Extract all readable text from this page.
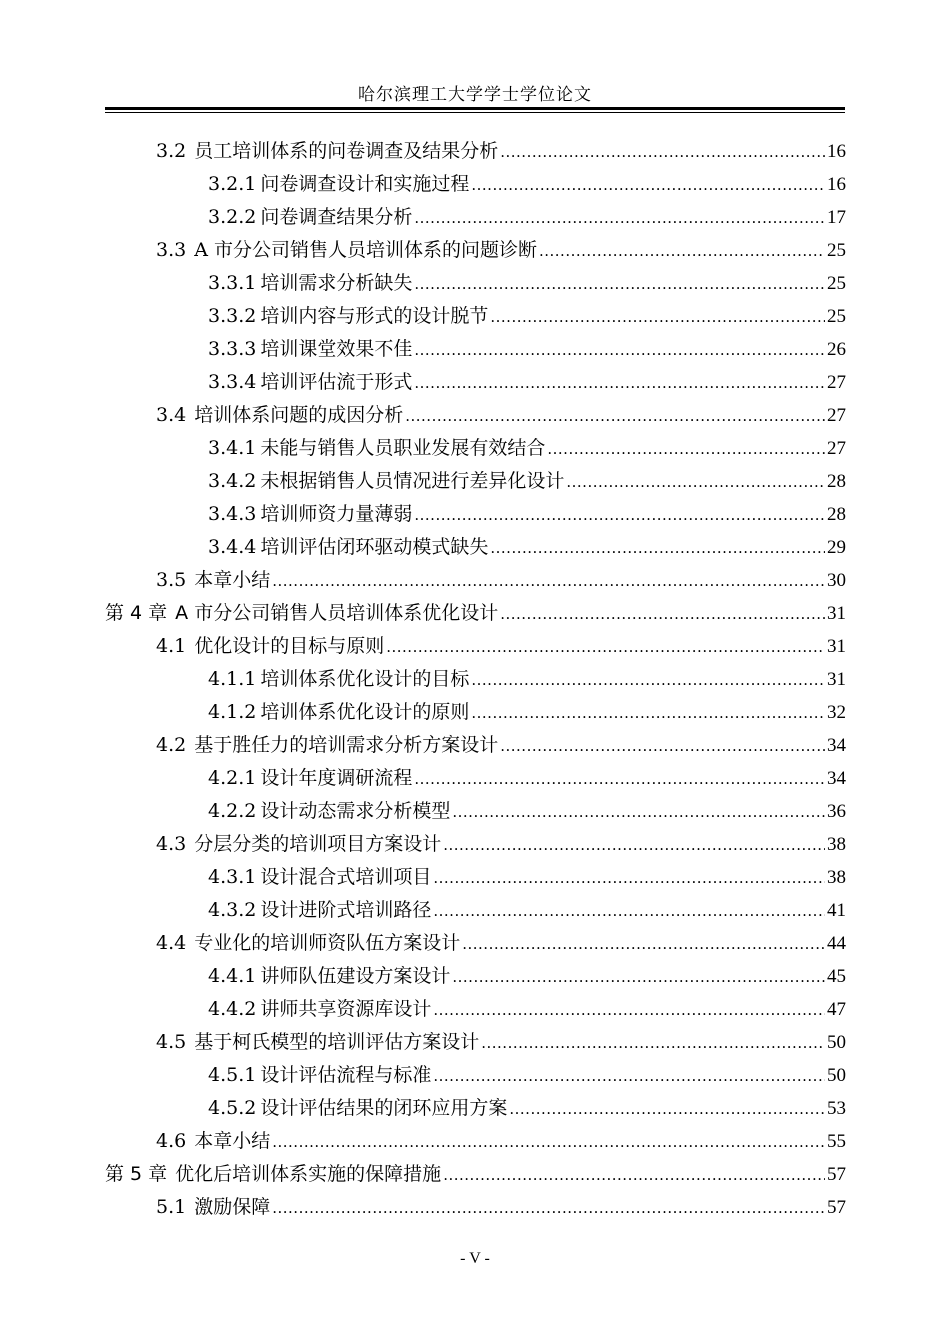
哈尔滨理工大学学士学位论文
3.2 员工培训体系的问卷调查及结果分析 .....	16
3.2.1 问卷调查设计和实施过程 .....	16
3.2.2 问卷调查结果分析 .....	17
3.3 A 市分公司销售人员培训体系的问题诊断 .....	25
3.3.1 培训需求分析缺失 .....	25
3.3.2 培训内容与形式的设计脱节 .....	25
3.3.3 培训课堂效果不佳 .....	26
3.3.4 培训评估流于形式 .....	27
3.4 培训体系问题的成因分析 .....	27
3.4.1 未能与销售人员职业发展有效结合 .....	27
3.4.2 未根据销售人员情况进行差异化设计 .....	28
3.4.3 培训师资力量薄弱 .....	28
3.4.4 培训评估闭环驱动模式缺失 .....	29
3.5 本章小结 .....	30
第 4 章 A 市分公司销售人员培训体系优化设计 .....	31
4.1 优化设计的目标与原则 .....	31
4.1.1 培训体系优化设计的目标 .....	31
4.1.2 培训体系优化设计的原则 .....	32
4.2 基于胜任力的培训需求分析方案设计 .....	34
4.2.1 设计年度调研流程 .....	34
4.2.2 设计动态需求分析模型 .....	36
4.3 分层分类的培训项目方案设计 .....	38
4.3.1 设计混合式培训项目 .....	38
4.3.2 设计进阶式培训路径 .....	41
4.4 专业化的培训师资队伍方案设计 .....	44
4.4.1 讲师队伍建设方案设计 .....	45
4.4.2 讲师共享资源库设计 .....	47
4.5 基于柯氏模型的培训评估方案设计 .....	50
4.5.1 设计评估流程与标准 .....	50
4.5.2 设计评估结果的闭环应用方案 .....	53
4.6 本章小结 .....	55
第 5 章 优化后培训体系实施的保障措施 .....	57
5.1 激励保障 .....	57
- V -
